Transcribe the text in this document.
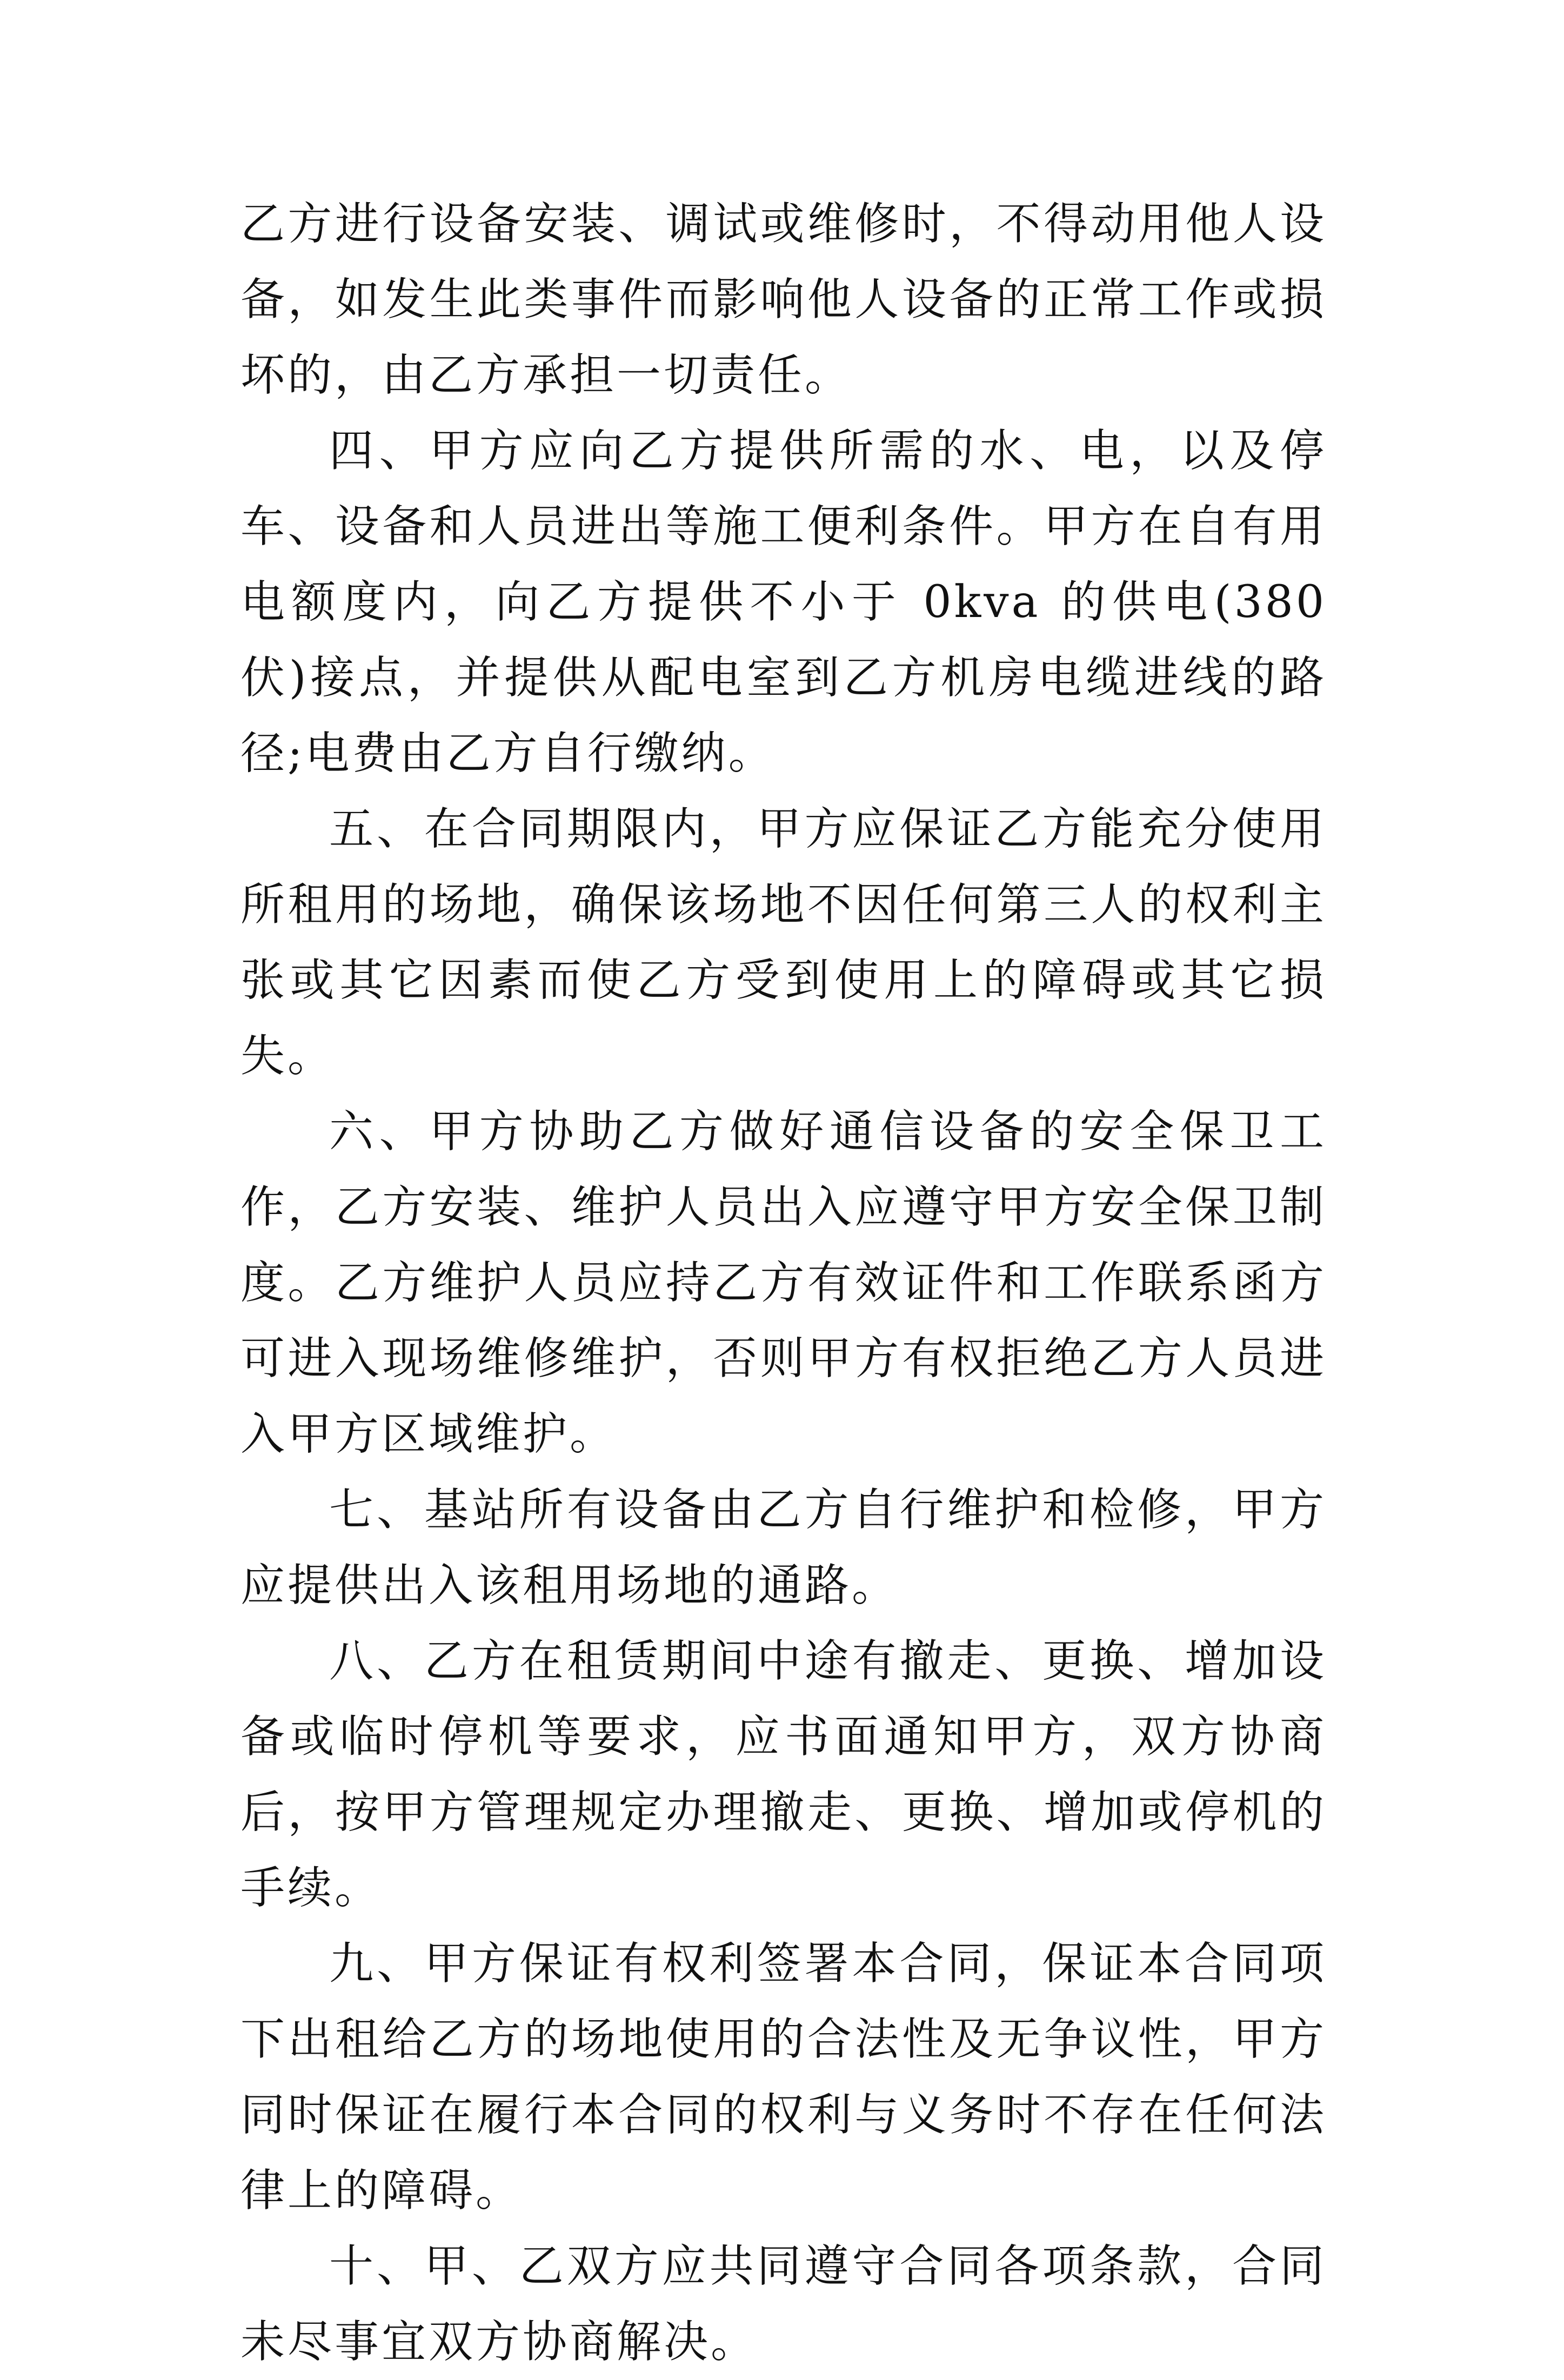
乙方进行设备安装、调试或维修时，不得动用他人设备，如发生此类事件而影响他人设备的正常工作或损坏的，由乙方承担一切责任。

四、甲方应向乙方提供所需的水、电，以及停车、设备和人员进出等施工便利条件。甲方在自有用电额度内，向乙方提供不小于 0kva 的供电(380 伏)接点，并提供从配电室到乙方机房电缆进线的路径;电费由乙方自行缴纳。

五、在合同期限内，甲方应保证乙方能充分使用所租用的场地，确保该场地不因任何第三人的权利主张或其它因素而使乙方受到使用上的障碍或其它损失。

六、甲方协助乙方做好通信设备的安全保卫工作，乙方安装、维护人员出入应遵守甲方安全保卫制度。乙方维护人员应持乙方有效证件和工作联系函方可进入现场维修维护，否则甲方有权拒绝乙方人员进入甲方区域维护。

七、基站所有设备由乙方自行维护和检修，甲方应提供出入该租用场地的通路。

八、乙方在租赁期间中途有撤走、更换、增加设备或临时停机等要求，应书面通知甲方，双方协商后，按甲方管理规定办理撤走、更换、增加或停机的手续。

九、甲方保证有权利签署本合同，保证本合同项下出租给乙方的场地使用的合法性及无争议性，甲方同时保证在履行本合同的权利与义务时不存在任何法律上的障碍。

十、甲、乙双方应共同遵守合同各项条款，合同未尽事宜双方协商解决。
